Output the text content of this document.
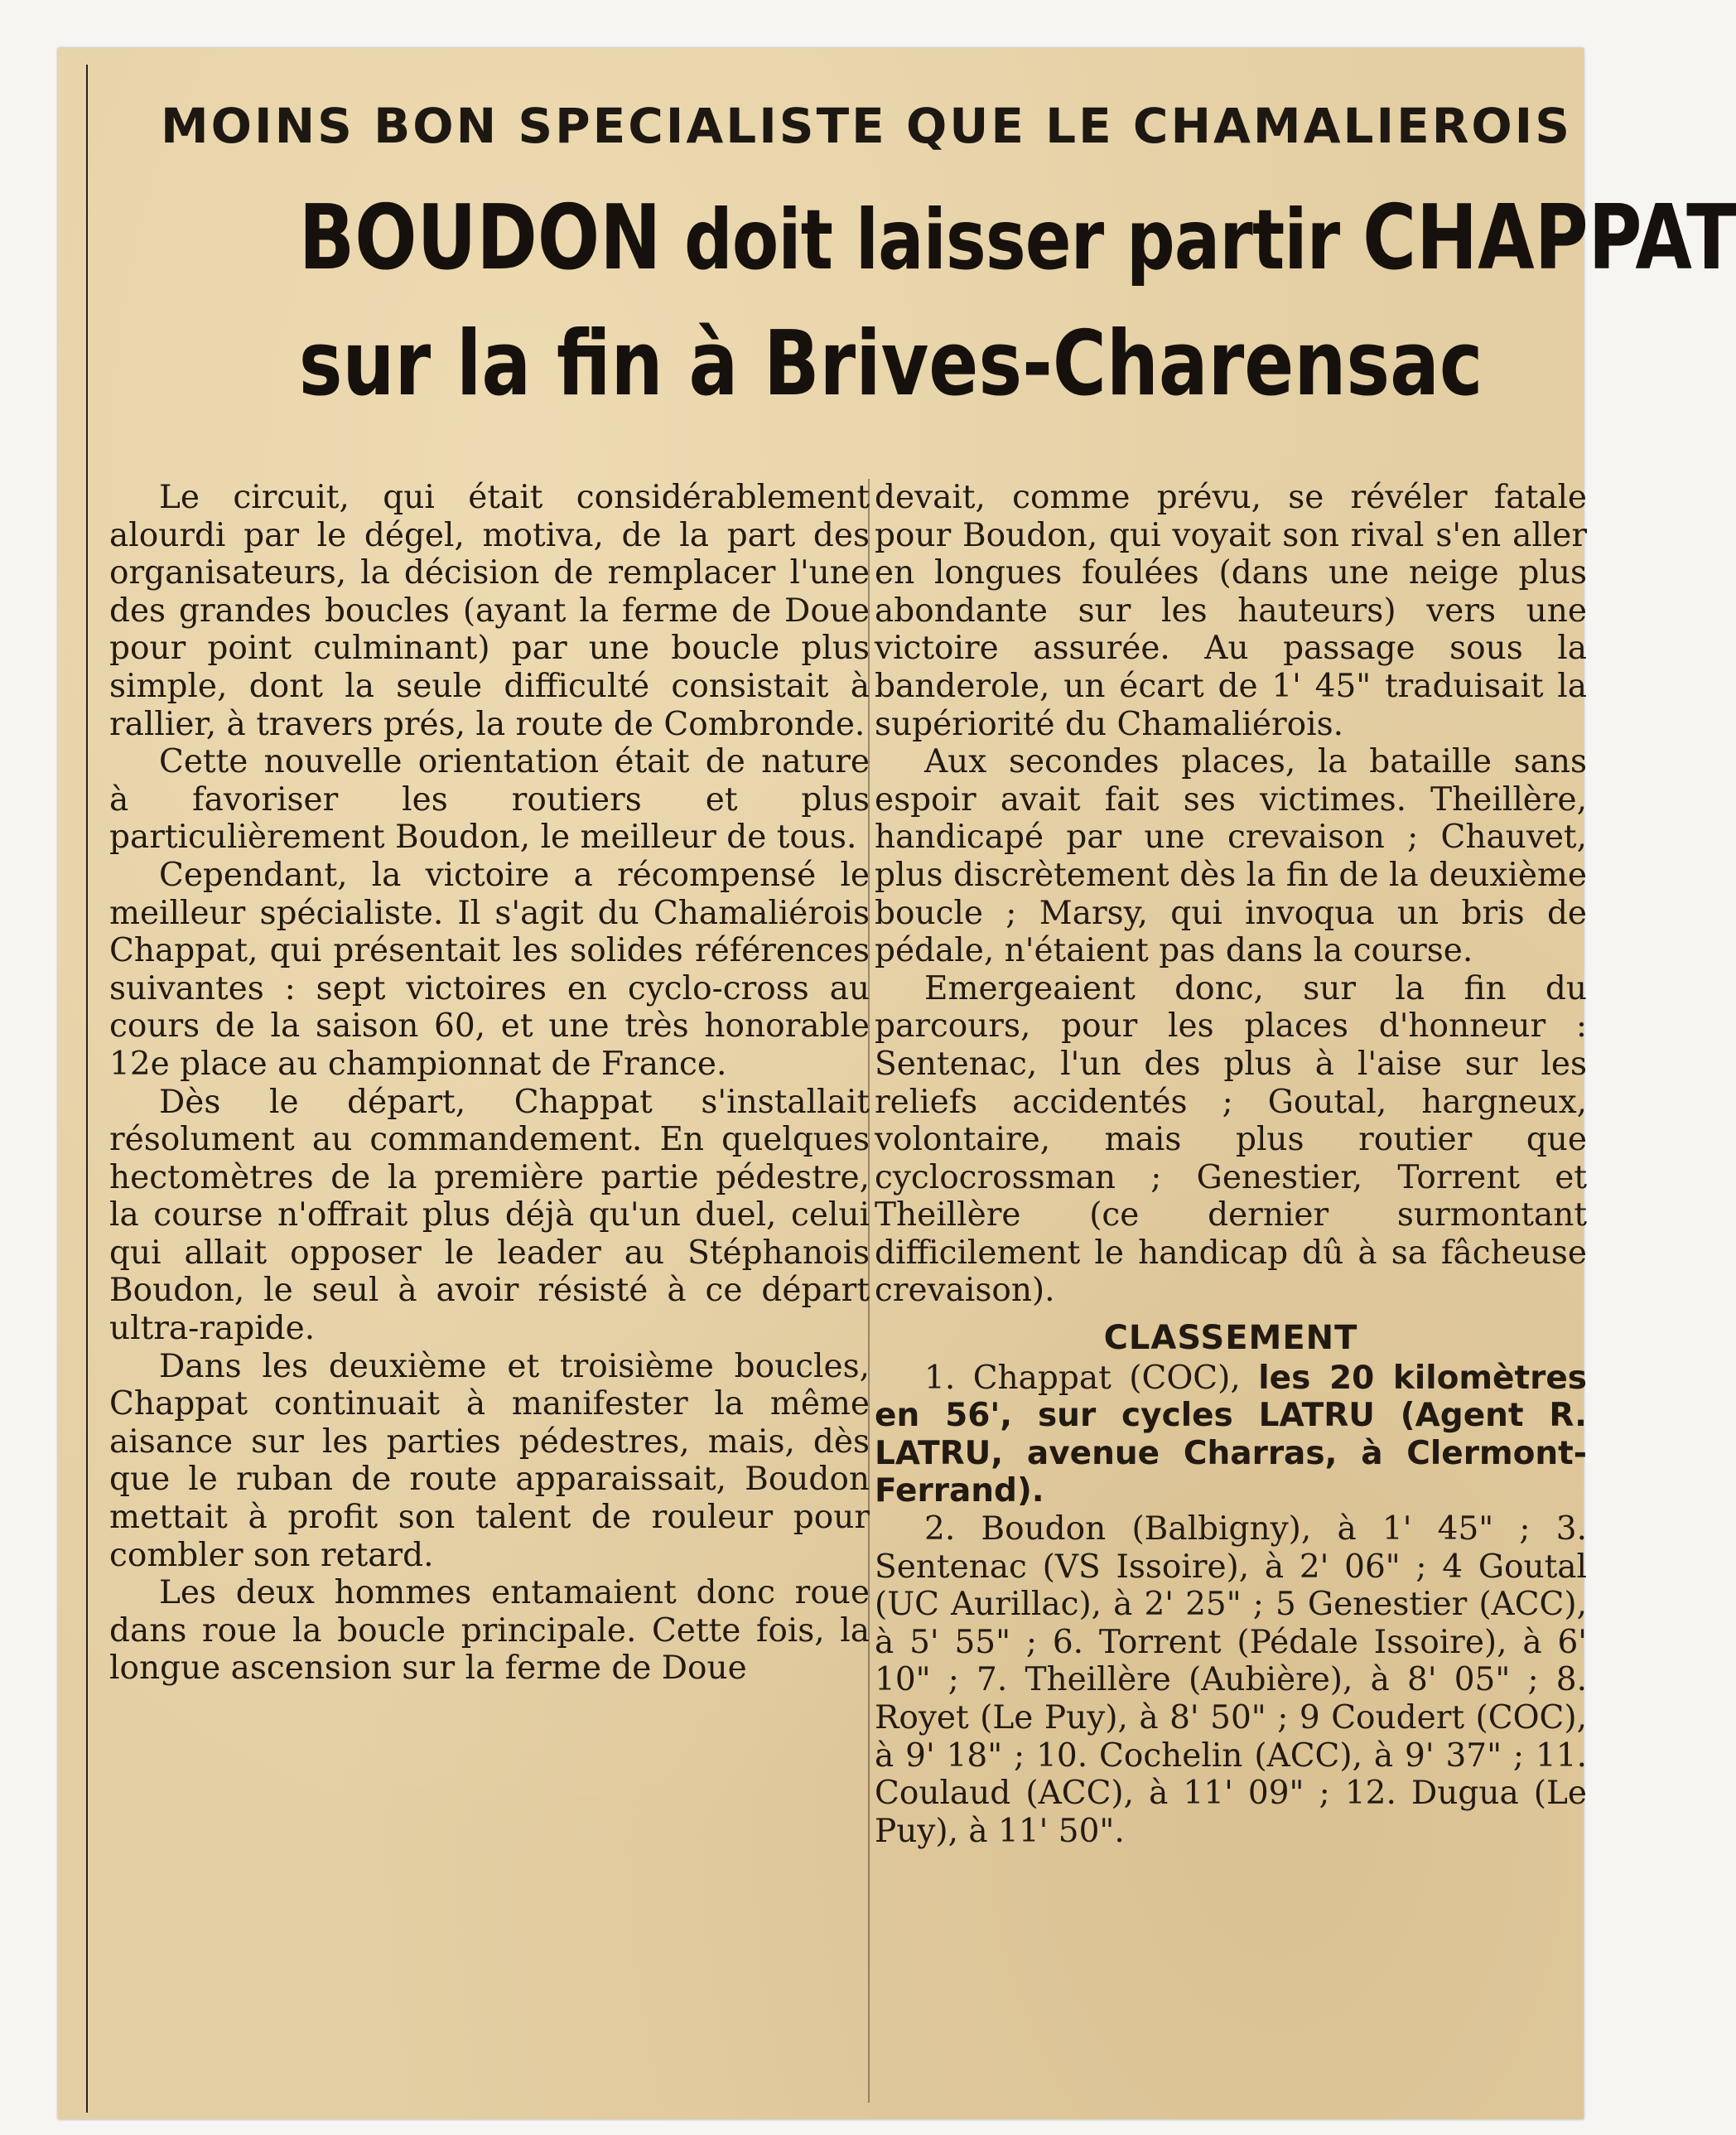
MOINS BON SPECIALISTE QUE LE CHAMALIEROIS
BOUDON doit laisser partir CHAPPAT
sur la fin à Brives-Charensac

Le circuit, qui était considérablement alourdi par le dégel, motiva, de la part des organisateurs, la décision de remplacer l'une des grandes boucles (ayant la ferme de Doue pour point culminant) par une boucle plus simple, dont la seule difficulté consistait à rallier, à travers prés, la route de Combronde.

Cette nouvelle orientation était de nature à favoriser les routiers et plus particulièrement Boudon, le meilleur de tous.

Cependant, la victoire a récompensé le meilleur spécialiste. Il s'agit du Chamaliérois Chappat, qui présentait les solides références suivantes : sept victoires en cyclo-cross au cours de la saison 60, et une très honorable 12e place au championnat de France.

Dès le départ, Chappat s'installait résolument au commandement. En quelques hectomètres de la première partie pédestre, la course n'offrait plus déjà qu'un duel, celui qui allait opposer le leader au Stéphanois Boudon, le seul à avoir résisté à ce départ ultra-rapide.

Dans les deuxième et troisième boucles, Chappat continuait à manifester la même aisance sur les parties pédestres, mais, dès que le ruban de route apparaissait, Boudon mettait à profit son talent de rouleur pour combler son retard.

Les deux hommes entamaient donc roue dans roue la boucle principale. Cette fois, la longue ascension sur la ferme de Doue

devait, comme prévu, se révéler fatale pour Boudon, qui voyait son rival s'en aller en longues foulées (dans une neige plus abondante sur les hauteurs) vers une victoire assurée. Au passage sous la banderole, un écart de 1' 45" traduisait la supériorité du Chamaliérois.

Aux secondes places, la bataille sans espoir avait fait ses victimes. Theillère, handicapé par une crevaison ; Chauvet, plus discrètement dès la fin de la deuxième boucle ; Marsy, qui invoqua un bris de pédale, n'étaient pas dans la course.

Emergeaient donc, sur la fin du parcours, pour les places d'honneur : Sentenac, l'un des plus à l'aise sur les reliefs accidentés ; Goutal, hargneux, volontaire, mais plus routier que cyclocrossman ; Genestier, Torrent et Theillère (ce dernier surmontant difficilement le handicap dû à sa fâcheuse crevaison).

CLASSEMENT

1. Chappat (COC), les 20 kilomètres en 56', sur cycles LATRU (Agent R. LATRU, avenue Charras, à Clermont-Ferrand).

2. Boudon (Balbigny), à 1' 45" ; 3. Sentenac (VS Issoire), à 2' 06" ; 4 Goutal (UC Aurillac), à 2' 25" ; 5 Genestier (ACC), à 5' 55" ; 6. Torrent (Pédale Issoire), à 6' 10" ; 7. Theillère (Aubière), à 8' 05" ; 8. Royet (Le Puy), à 8' 50" ; 9 Coudert (COC), à 9' 18" ; 10. Cochelin (ACC), à 9' 37" ; 11. Coulaud (ACC), à 11' 09" ; 12. Dugua (Le Puy), à 11' 50".
